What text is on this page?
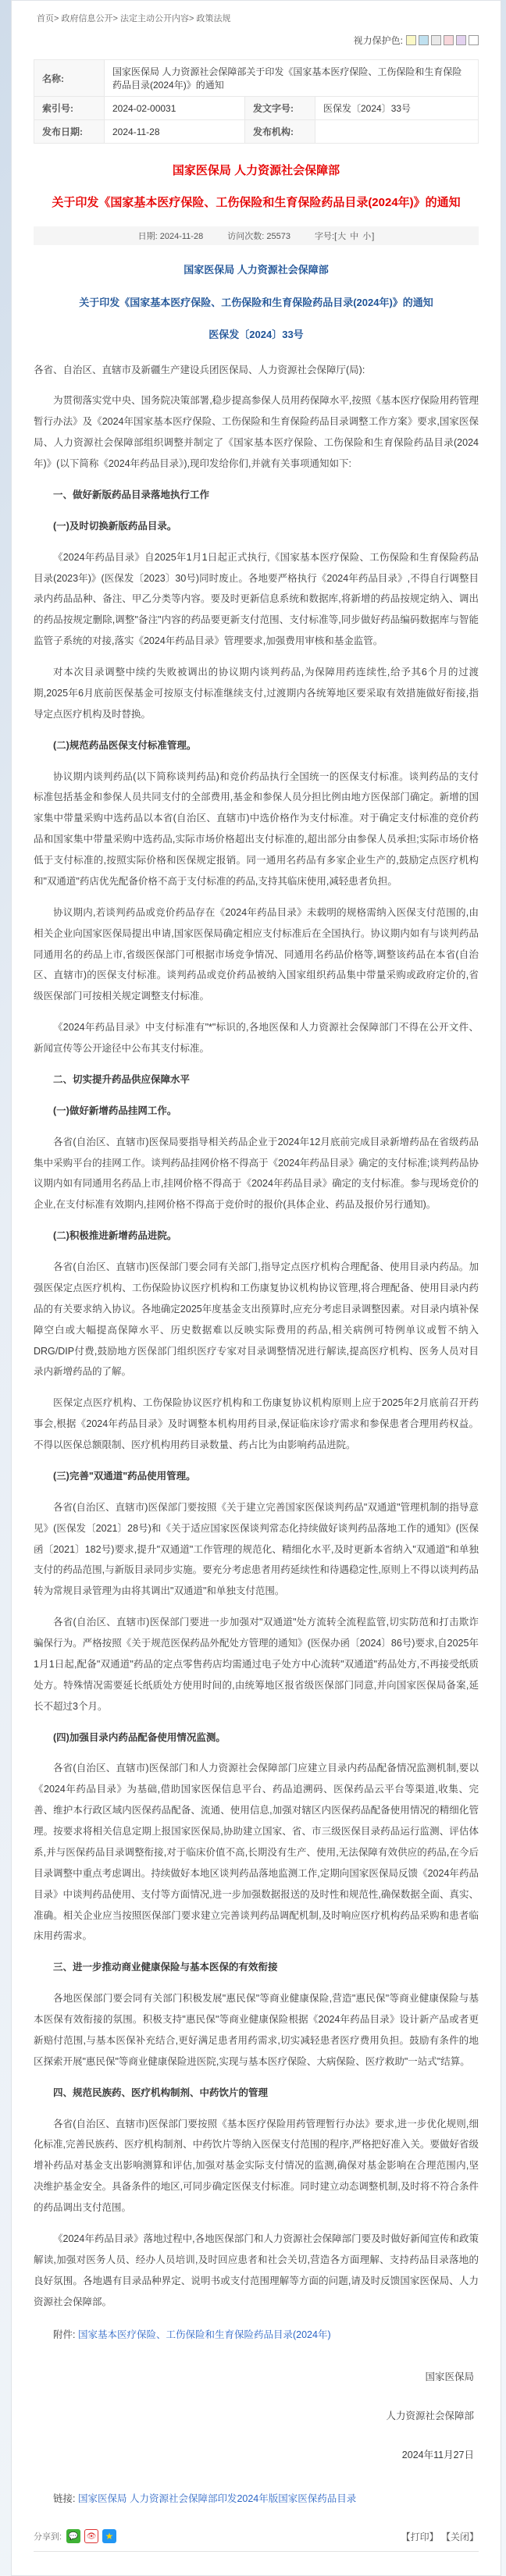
首页> 政府信息公开> 法定主动公开内容> 政策法规
视力保护色:
名称:	国家医保局 人力资源社会保障部关于印发《国家基本医疗保险、工伤保险和生育保险药品目录(2024年)》的通知		
索引号:	2024-02-00031	发文字号:	医保发〔2024〕33号
发布日期:	2024-11-28	发布机构:	
国家医保局 人力资源社会保障部
关于印发《国家基本医疗保险、工伤保险和生育保险药品目录(2024年)》的通知
日期: 2024-11-28	访问次数: 25573	字号:[大 中 小]
国家医保局 人力资源社会保障部
关于印发《国家基本医疗保险、工伤保险和生育保险药品目录(2024年)》的通知
医保发〔2024〕33号
各省、自治区、直辖市及新疆生产建设兵团医保局、人力资源社会保障厅(局):

为贯彻落实党中央、国务院决策部署,稳步提高参保人员用药保障水平,按照《基本医疗保险用药管理暂行办法》及《2024年国家基本医疗保险、工伤保险和生育保险药品目录调整工作方案》要求,国家医保局、人力资源社会保障部组织调整并制定了《国家基本医疗保险、工伤保险和生育保险药品目录(2024年)》(以下简称《2024年药品目录》),现印发给你们,并就有关事项通知如下:

一、做好新版药品目录落地执行工作

(一)及时切换新版药品目录。

《2024年药品目录》自2025年1月1日起正式执行,《国家基本医疗保险、工伤保险和生育保险药品目录(2023年)》(医保发〔2023〕30号)同时废止。各地要严格执行《2024年药品目录》,不得自行调整目录内药品品种、备注、甲乙分类等内容。要及时更新信息系统和数据库,将新增的药品按规定纳入、调出的药品按规定删除,调整"备注"内容的药品要更新支付范围、支付标准等,同步做好药品编码数据库与智能监管子系统的对接,落实《2024年药品目录》管理要求,加强费用审核和基金监管。

对本次目录调整中续约失败被调出的协议期内谈判药品,为保障用药连续性,给予其6个月的过渡期,2025年6月底前医保基金可按原支付标准继续支付,过渡期内各统筹地区要采取有效措施做好衔接,指导定点医疗机构及时替换。

(二)规范药品医保支付标准管理。

协议期内谈判药品(以下简称谈判药品)和竞价药品执行全国统一的医保支付标准。谈判药品的支付标准包括基金和参保人员共同支付的全部费用,基金和参保人员分担比例由地方医保部门确定。新增的国家集中带量采购中选药品以本省(自治区、直辖市)中选价格作为支付标准。对于确定支付标准的竞价药品和国家集中带量采购中选药品,实际市场价格超出支付标准的,超出部分由参保人员承担;实际市场价格低于支付标准的,按照实际价格和医保规定报销。同一通用名药品有多家企业生产的,鼓励定点医疗机构和"双通道"药店优先配备价格不高于支付标准的药品,支持其临床使用,减轻患者负担。

协议期内,若谈判药品或竞价药品存在《2024年药品目录》未载明的规格需纳入医保支付范围的,由相关企业向国家医保局提出申请,国家医保局确定相应支付标准后在全国执行。协议期内如有与谈判药品同通用名的药品上市,省级医保部门可根据市场竞争情况、同通用名药品价格等,调整该药品在本省(自治区、直辖市)的医保支付标准。谈判药品或竞价药品被纳入国家组织药品集中带量采购或政府定价的,省级医保部门可按相关规定调整支付标准。

《2024年药品目录》中支付标准有"*"标识的,各地医保和人力资源社会保障部门不得在公开文件、新闻宣传等公开途径中公布其支付标准。

二、切实提升药品供应保障水平

(一)做好新增药品挂网工作。

各省(自治区、直辖市)医保局要指导相关药品企业于2024年12月底前完成目录新增药品在省级药品集中采购平台的挂网工作。谈判药品挂网价格不得高于《2024年药品目录》确定的支付标准;谈判药品协议期内如有同通用名药品上市,挂网价格不得高于《2024年药品目录》确定的支付标准。参与现场竞价的企业,在支付标准有效期内,挂网价格不得高于竞价时的报价(具体企业、药品及报价另行通知)。

(二)积极推进新增药品进院。

各省(自治区、直辖市)医保部门要会同有关部门,指导定点医疗机构合理配备、使用目录内药品。加强医保定点医疗机构、工伤保险协议医疗机构和工伤康复协议机构协议管理,将合理配备、使用目录内药品的有关要求纳入协议。各地确定2025年度基金支出预算时,应充分考虑目录调整因素。对目录内填补保障空白或大幅提高保障水平、历史数据难以反映实际费用的药品,相关病例可特例单议或暂不纳入DRG/DIP付费,鼓励地方医保部门组织医疗专家对目录调整情况进行解读,提高医疗机构、医务人员对目录内新增药品的了解。

医保定点医疗机构、工伤保险协议医疗机构和工伤康复协议机构原则上应于2025年2月底前召开药事会,根据《2024年药品目录》及时调整本机构用药目录,保证临床诊疗需求和参保患者合理用药权益。不得以医保总额限制、医疗机构用药目录数量、药占比为由影响药品进院。

(三)完善"双通道"药品使用管理。

各省(自治区、直辖市)医保部门要按照《关于建立完善国家医保谈判药品"双通道"管理机制的指导意见》(医保发〔2021〕28号)和《关于适应国家医保谈判常态化持续做好谈判药品落地工作的通知》(医保函〔2021〕182号)要求,提升"双通道"工作管理的规范化、精细化水平,及时更新本省纳入"双通道"和单独支付的药品范围,与新版目录同步实施。要充分考虑患者用药延续性和待遇稳定性,原则上不得以谈判药品转为常规目录管理为由将其调出"双通道"和单独支付范围。

各省(自治区、直辖市)医保部门要进一步加强对"双通道"处方流转全流程监管,切实防范和打击欺诈骗保行为。严格按照《关于规范医保药品外配处方管理的通知》(医保办函〔2024〕86号)要求,自2025年1月1日起,配备"双通道"药品的定点零售药店均需通过电子处方中心流转"双通道"药品处方,不再接受纸质处方。特殊情况需要延长纸质处方使用时间的,由统筹地区报省级医保部门同意,并向国家医保局备案,延长不超过3个月。

(四)加强目录内药品配备使用情况监测。

各省(自治区、直辖市)医保部门和人力资源社会保障部门应建立目录内药品配备情况监测机制,要以《2024年药品目录》为基础,借助国家医保信息平台、药品追溯码、医保药品云平台等渠道,收集、完善、维护本行政区域内医保药品配备、流通、使用信息,加强对辖区内医保药品配备使用情况的精细化管理。按要求将相关信息定期上报国家医保局,协助建立国家、省、市三级医保目录药品运行监测、评估体系,并与医保药品目录调整衔接,对于临床价值不高,长期没有生产、使用,无法保障有效供应的药品,在今后目录调整中重点考虑调出。持续做好本地区谈判药品落地监测工作,定期向国家医保局反馈《2024年药品目录》中谈判药品使用、支付等方面情况,进一步加强数据报送的及时性和规范性,确保数据全面、真实、准确。相关企业应当按照医保部门要求建立完善谈判药品调配机制,及时响应医疗机构药品采购和患者临床用药需求。

三、进一步推动商业健康保险与基本医保的有效衔接

各地医保部门要会同有关部门积极发展"惠民保"等商业健康保险,营造"惠民保"等商业健康保险与基本医保有效衔接的氛围。积极支持"惠民保"等商业健康保险根据《2024年药品目录》设计新产品或者更新赔付范围,与基本医保补充结合,更好满足患者用药需求,切实减轻患者医疗费用负担。鼓励有条件的地区探索开展"惠民保"等商业健康保险进医院,实现与基本医疗保险、大病保险、医疗救助"一站式"结算。

四、规范民族药、医疗机构制剂、中药饮片的管理

各省(自治区、直辖市)医保部门要按照《基本医疗保险用药管理暂行办法》要求,进一步优化规则,细化标准,完善民族药、医疗机构制剂、中药饮片等纳入医保支付范围的程序,严格把好准入关。要做好省级增补药品对基金支出影响测算和评估,加强对基金实际支付情况的监测,确保对基金影响在合理范围内,坚决维护基金安全。具备条件的地区,可同步确定医保支付标准。同时建立动态调整机制,及时将不符合条件的药品调出支付范围。

《2024年药品目录》落地过程中,各地医保部门和人力资源社会保障部门要及时做好新闻宣传和政策解读,加强对医务人员、经办人员培训,及时回应患者和社会关切,营造各方面理解、支持药品目录落地的良好氛围。各地遇有目录品种界定、说明书或支付范围理解等方面的问题,请及时反馈国家医保局、人力资源社会保障部。

附件: 国家基本医疗保险、工伤保险和生育保险药品目录(2024年)
国家医保局
人力资源社会保障部
2024年11月27日
链接: 国家医保局 人力资源社会保障部印发2024年版国家医保药品目录
分享到: 💬 👁 ★	【打印】 【关闭】
